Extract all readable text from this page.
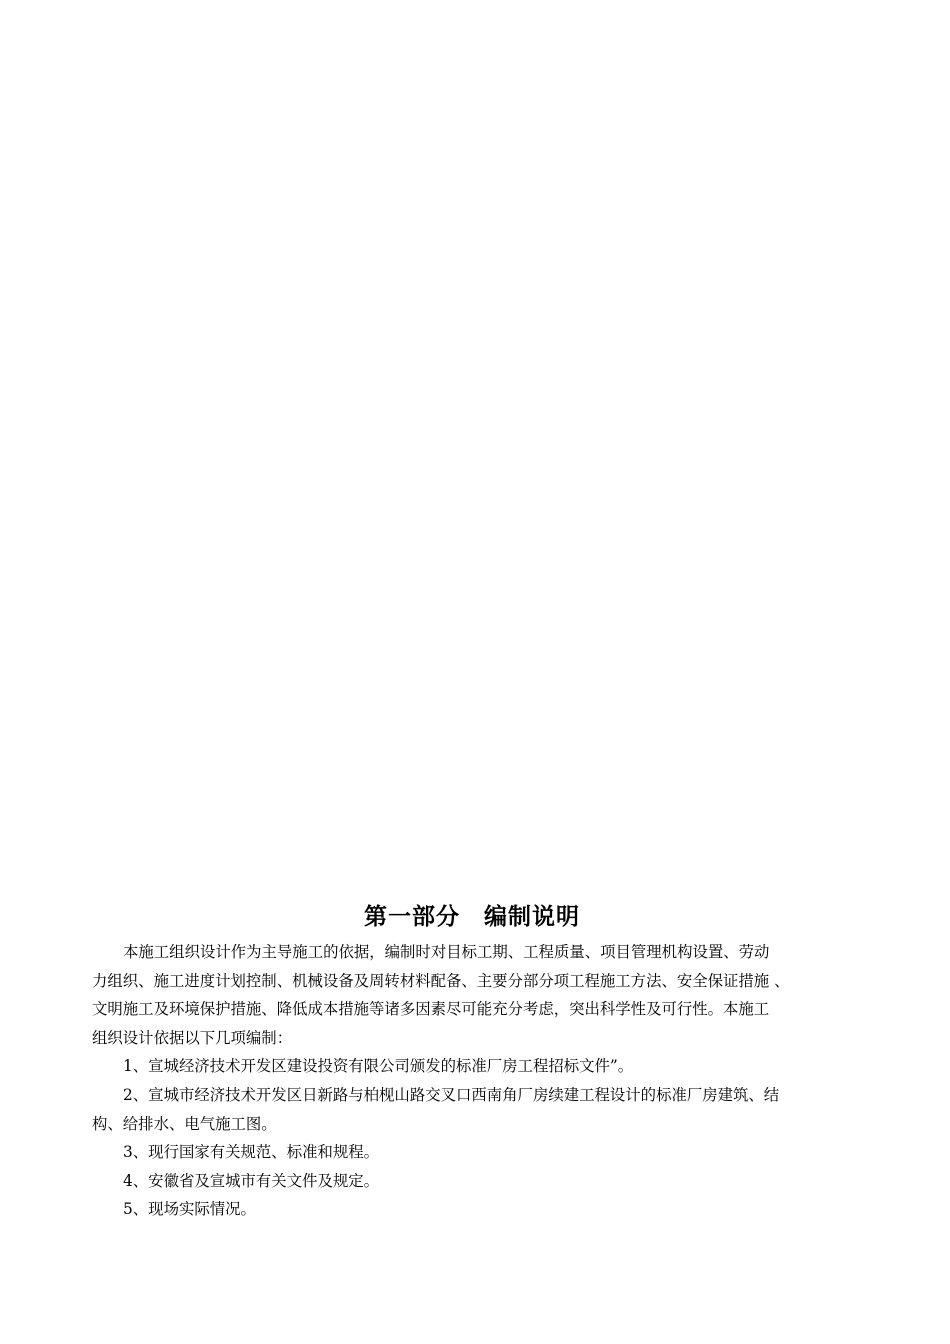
第一部分　编制说明
本施工组织设计作为主导施工的依据，编制时对目标工期、工程质量、项目管理机构设置、劳动
力组织、施工进度计划控制、机械设备及周转材料配备、主要分部分项工程施工方法、安全保证措施 、
文明施工及环境保护措施、降低成本措施等诸多因素尽可能充分考虑，突出科学性及可行性。本施工
组织设计依据以下几项编制：
1、宣城经济技术开发区建设投资有限公司颁发的标准厂房工程招标文件”。
2、宣城市经济技术开发区日新路与柏枧山路交叉口西南角厂房续建工程设计的标准厂房建筑、结
构、给排水、电气施工图。
3、现行国家有关规范、标准和规程。
4、安徽省及宣城市有关文件及规定。
5、现场实际情况。
